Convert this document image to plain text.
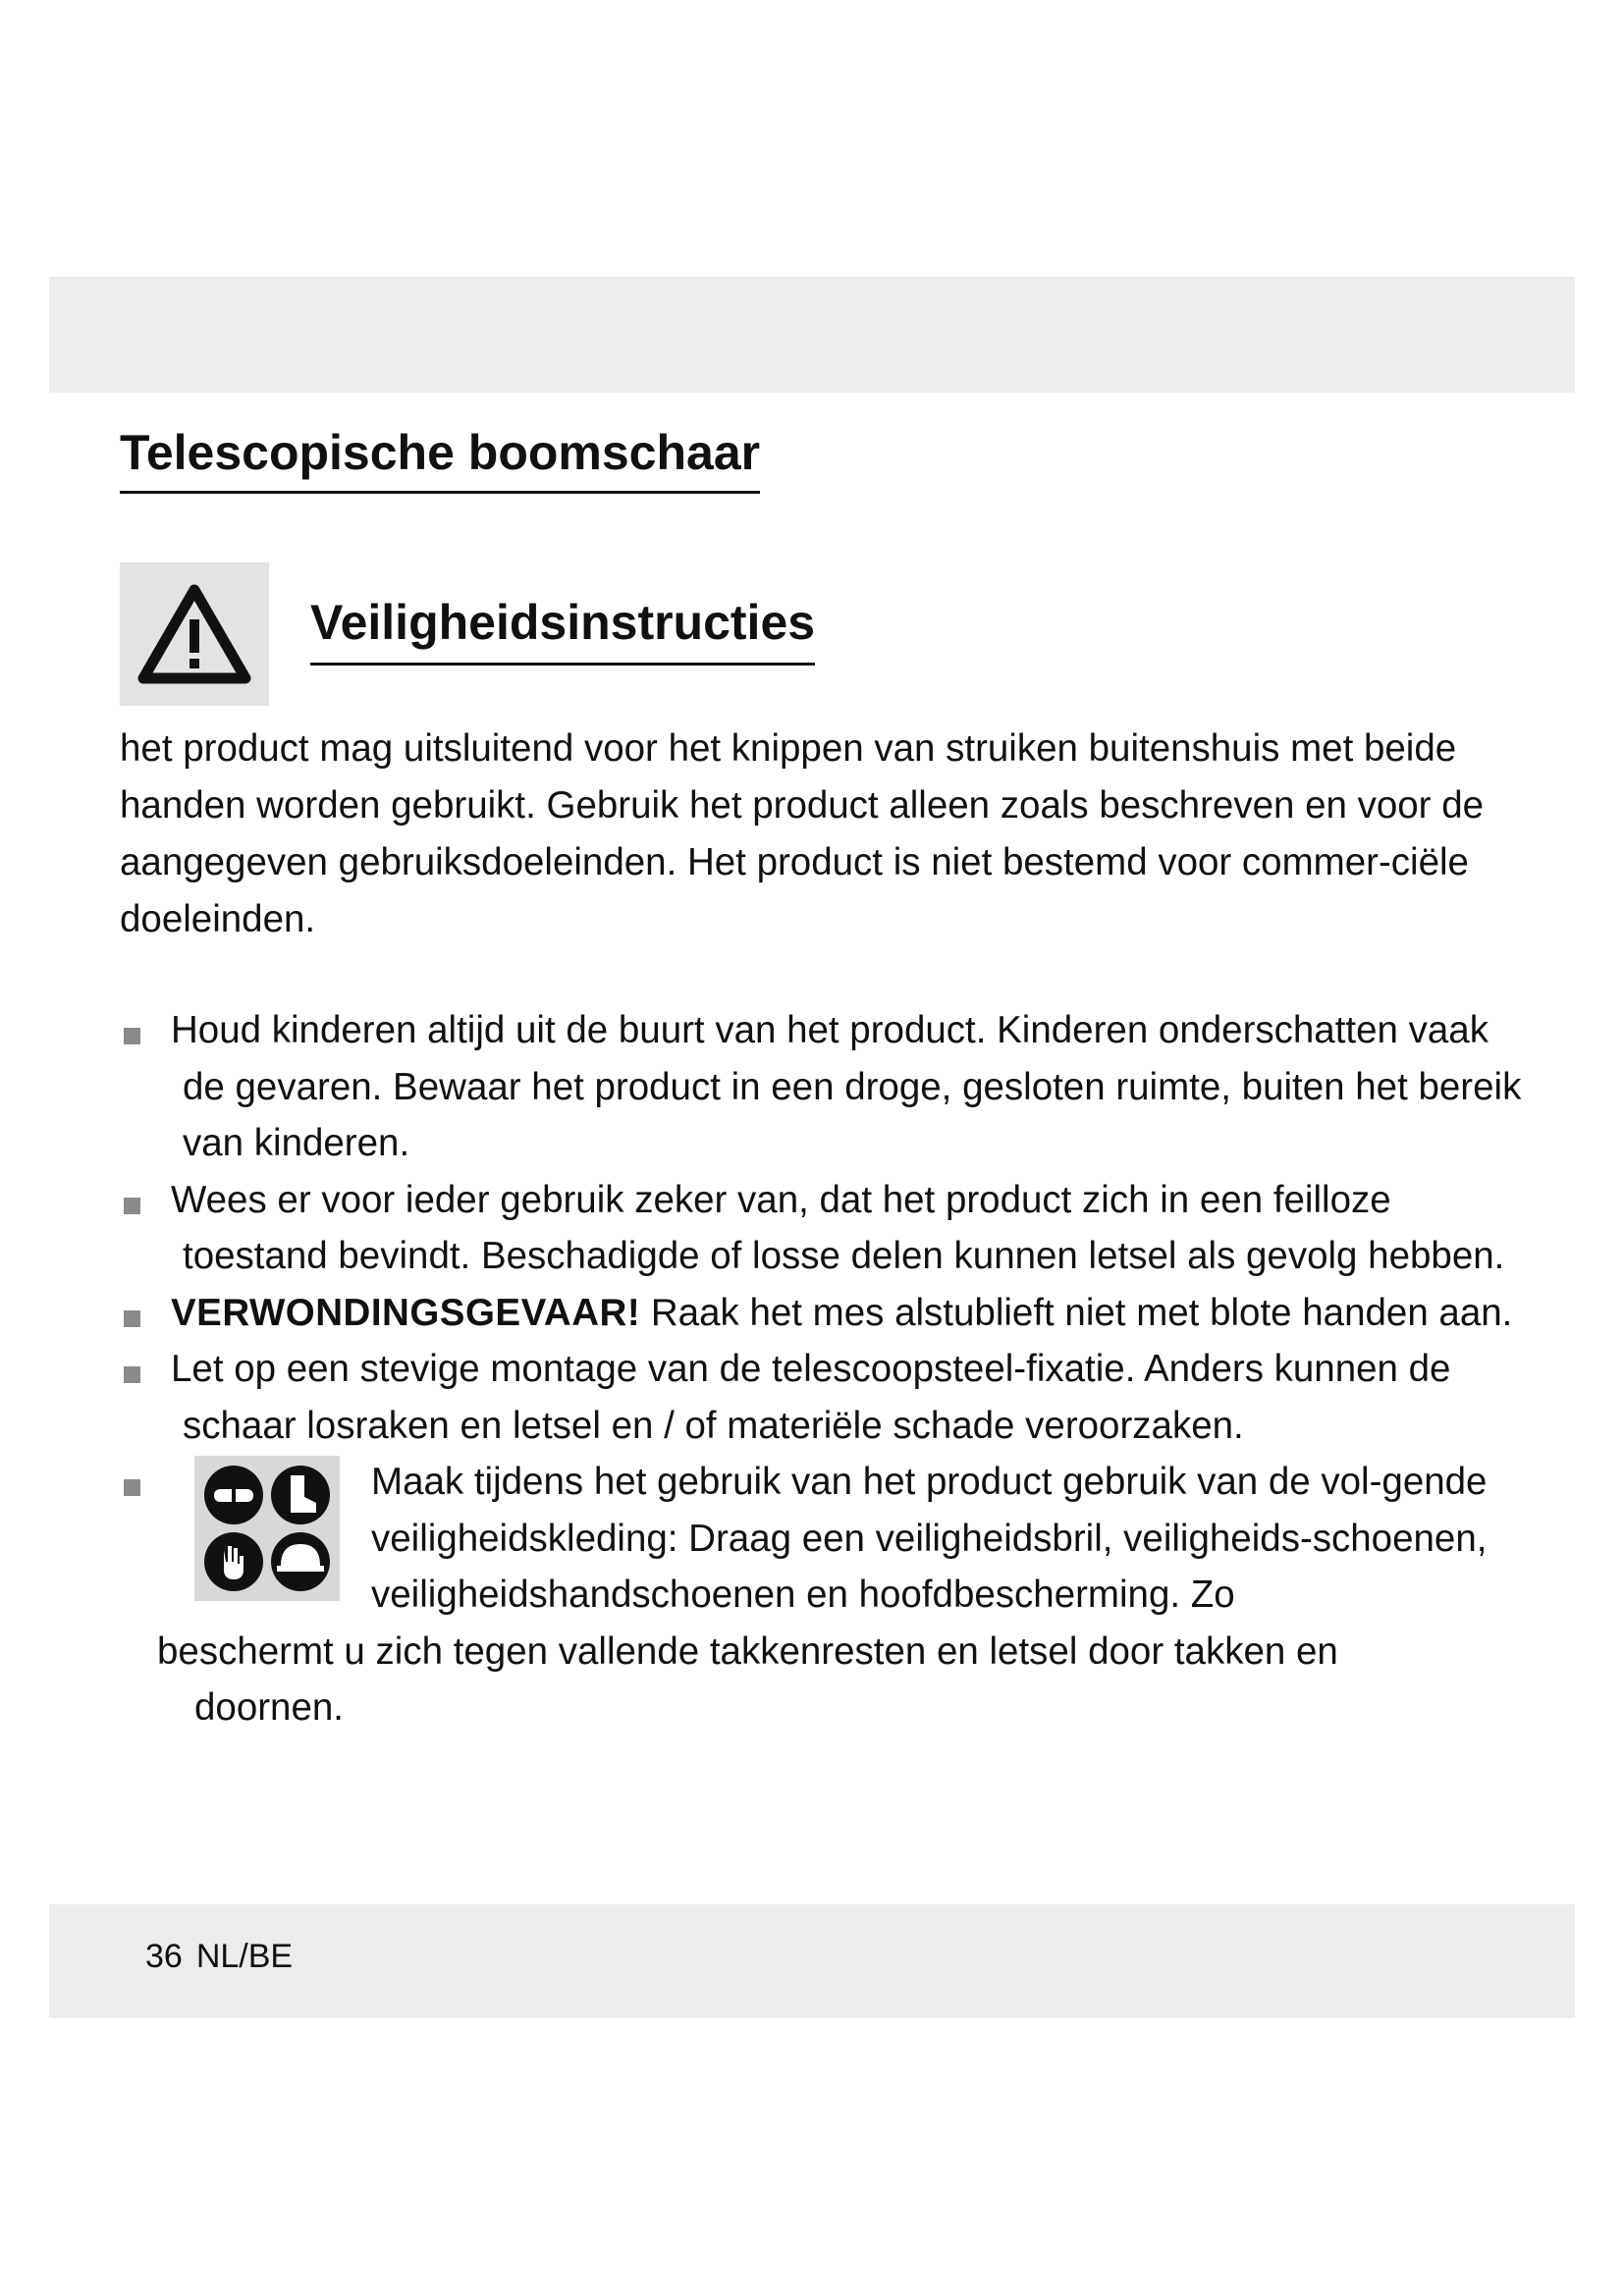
Telescopische boomschaar
Veiligheidsinstructies

het product mag uitsluitend voor het knippen van struiken buitenshuis met beide handen worden gebruikt. Gebruik het product alleen zoals beschreven en voor de aangegeven gebruiksdoeleinden. Het product is niet bestemd voor commer-ciële doeleinden.

Houd kinderen altijd uit de buurt van het product. Kinderen onderschatten vaak de gevaren. Bewaar het product in een droge, gesloten ruimte, buiten het bereik van kinderen.
Wees er voor ieder gebruik zeker van, dat het product zich in een feilloze toestand bevindt. Beschadigde of losse delen kunnen letsel als gevolg hebben.
VERWONDINGSGEVAAR! Raak het mes alstublieft niet met blote handen aan.
Let op een stevige montage van de telescoopsteel-fixatie. Anders kunnen de schaar losraken en letsel en / of materiële schade veroorzaken.
Maak tijdens het gebruik van het product gebruik van de vol-gende veiligheidskleding: Draag een veiligheidsbril, veiligheids-schoenen, veiligheidshandschoenen en hoofdbescherming. Zo
beschermt u zich tegen vallende takkenresten en letsel door takken en
doornen.
36 NL/BE
